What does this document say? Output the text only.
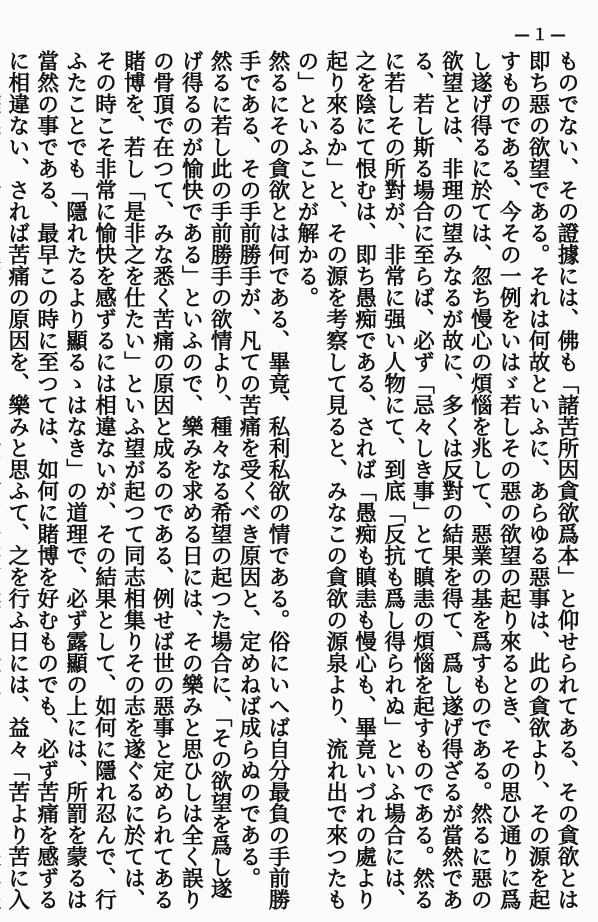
—１—

ものでない、その證據には、佛も「諸苦所因貪欲爲本」と仰せられてある、その貪欲とは即ち惡の欲望である。それは何故といふに、あらゆる惡事は、此の貪欲より、その源を起すものである、今その一例をいはゞ若しその惡の欲望の起り來るとき、その思ひ通りに爲し遂げ得るに於ては、忽ち慢心の煩惱を兆して、惡業の基を爲すものである。然るに惡の欲望とは、非理の望みなるが故に、多くは反對の結果を得て、爲し遂げ得ざるが當然である、若し斯る場合に至らば、必ず「忌々しき事」とて瞋恚の煩惱を起すものである。然るに若しその所對が、非常に强い人物にて、到底「反抗も爲し得られぬ」といふ場合には、之を陰にて恨むは、即ち愚痴である、されば「愚痴も瞋恚も慢心も、畢竟いづれの處より起り來るか」と、その源を考察して見ると、みなこの貪欲の源泉より、流れ出で來つたもの」といふことが解かる。

然るにその貪欲とは何である、畢竟、私利私欲の情である。俗にいへば自分最負の手前勝手である、その手前勝手が、凡ての苦痛を受くべき原因と、定めねば成らぬのである。

然るに若し此の手前勝手の欲情より、種々なる希望の起つた場合に、「その欲望を爲し遂げ得るのが愉快である」といふので、樂みを求める日には、その樂みと思ひしは全く誤りの骨頂で在つて、みな悉く苦痛の原因と成るのである、例せば世の惡事と定められてある賭博を、若し「是非之を仕たい」といふ望が起つて同志相集りその志を遂ぐるに於ては、その時こそ非常に愉快を感ずるには相違ないが、その結果として、如何に隱れ忍んで、行ふたことでも「隱れたるより顯るゝはなき」の道理で、必ず露顯の上には、所罰を蒙るは當然の事である、最早この時に至つては、如何に賭博を好むものでも、必ず苦痛を感ずるに相違ない、されば苦痛の原因を、樂みと思ふて、之を行ふ日には、益々「苦より苦に入
